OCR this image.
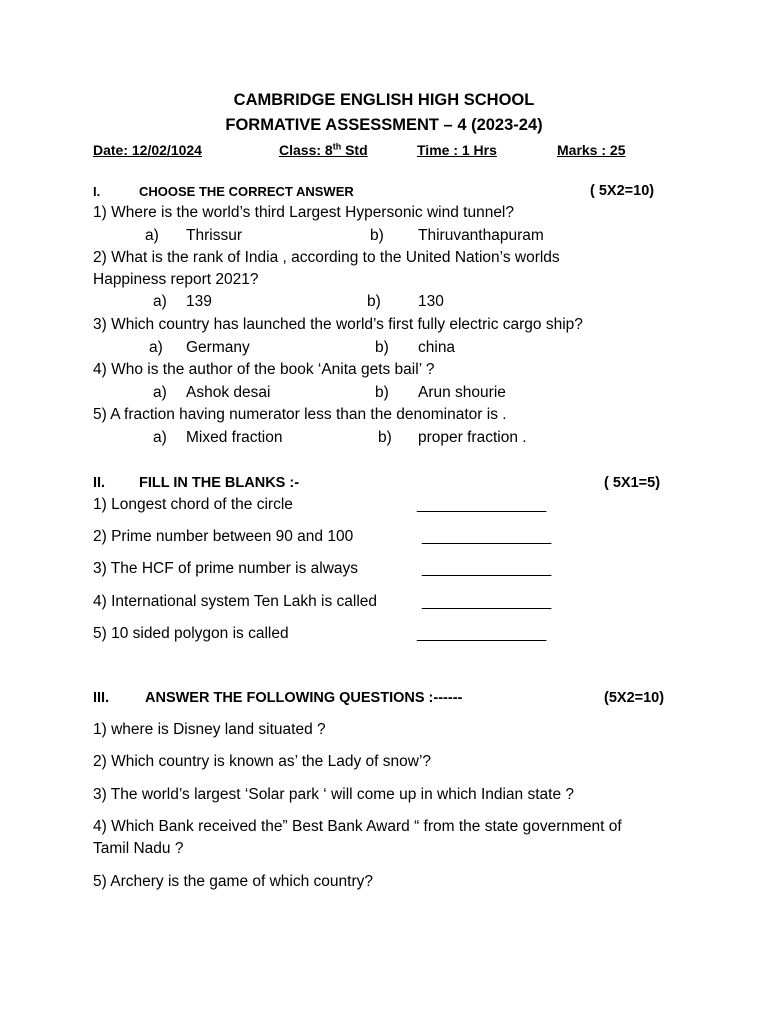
CAMBRIDGE ENGLISH HIGH SCHOOL
FORMATIVE ASSESSMENT – 4 (2023-24)
Date: 12/02/1024	Class: 8th Std	Time : 1 Hrs	Marks : 25
I.	CHOOSE THE CORRECT ANSWER	( 5X2=10)
1) Where is the world’s third Largest Hypersonic wind tunnel?
a) Thrissur	b) Thiruvanthapuram
2) What is the rank of India , according to the United Nation’s worlds
Happiness report 2021?
a) 139	b) 130
3) Which country has launched the world’s first fully electric cargo ship?
a) Germany	b) china
4) Who is the author of the book ‘Anita gets bail’ ?
a) Ashok desai	b) Arun shourie
5) A fraction having numerator less than the denominator is .
a) Mixed fraction	b) proper fraction .
II. FILL IN THE BLANKS :-	( 5X1=5)
1) Longest chord of the circle	_______________
2) Prime number between 90 and 100	_______________
3) The HCF of prime number is always	_______________
4) International system Ten Lakh is called	_______________
5) 10 sided polygon is called	_______________
III. ANSWER THE FOLLOWING QUESTIONS :------	(5X2=10)
1) where is Disney land situated ?
2) Which country is known as’ the Lady of snow’?
3) The world’s largest ‘Solar park ‘ will come up in which Indian state ?
4) Which Bank received the” Best Bank Award “ from the state government of
Tamil Nadu ?
5) Archery is the game of which country?
